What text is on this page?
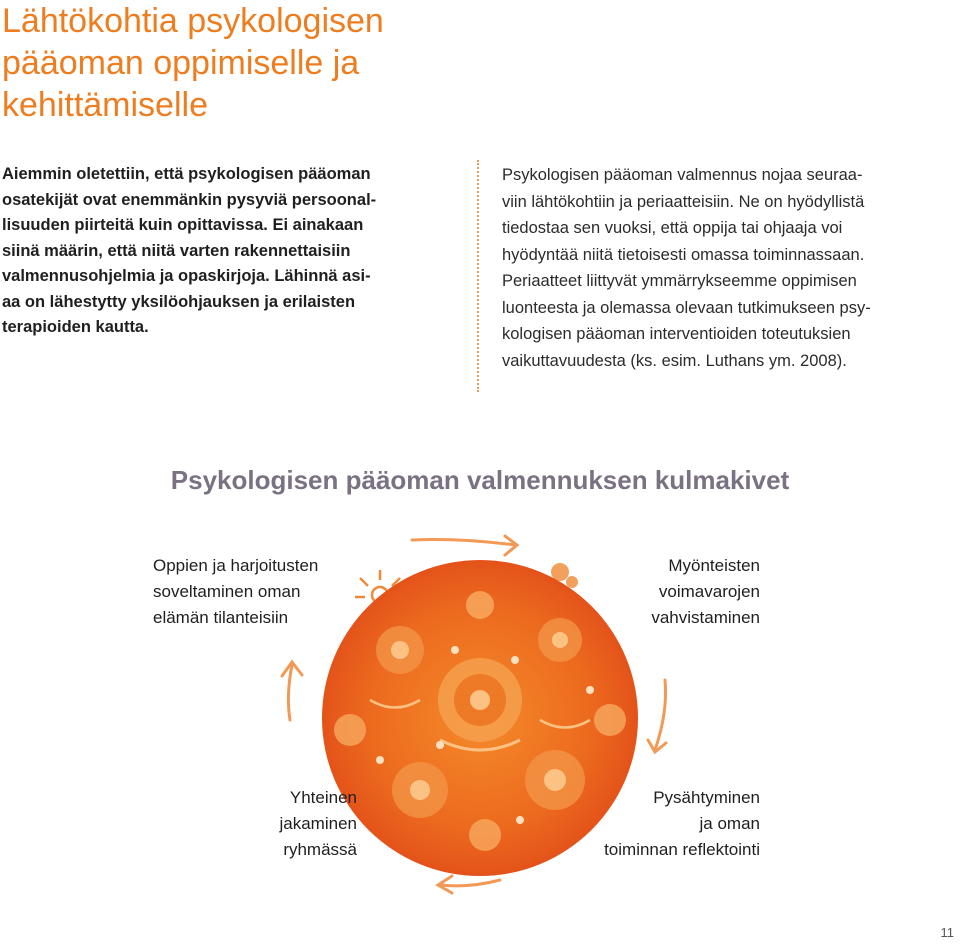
Lähtökohtia psykologisen
pääoman oppimiselle ja
kehittämiselle
Aiemmin oletettiin, että psykologisen pääoman
osatekijät ovat enemmänkin pysyviä persoonal-
lisuuden piirteitä kuin opittavissa. Ei ainakaan
siinä määrin, että niitä varten rakennettaisiin
valmennusohjelmia ja opaskirjoja. Lähinnä asi-
aa on lähestytty yksilöohjauksen ja erilaisten
terapioiden kautta.
Psykologisen pääoman valmennus nojaa seuraa-
viin lähtökohtiin ja periaatteisiin. Ne on hyödyllistä
tiedostaa sen vuoksi, että oppija tai ohjaaja voi
hyödyntää niitä tietoisesti omassa toiminnassaan.
Periaatteet liittyvät ymmärrykseemme oppimisen
luonteesta ja olemassa olevaan tutkimukseen psy-
kologisen pääoman interventioiden toteutuksien
vaikuttavuudesta (ks. esim. Luthans ym. 2008).
Psykologisen pääoman valmennuksen kulmakivet
Oppien ja harjoitusten
soveltaminen oman
elämän tilanteisiin
Myönteisten
voimavarojen
vahvistaminen
Yhteinen
jakaminen
ryhmässä
Pysähtyminen
ja oman
toiminnan reflektointi
11
